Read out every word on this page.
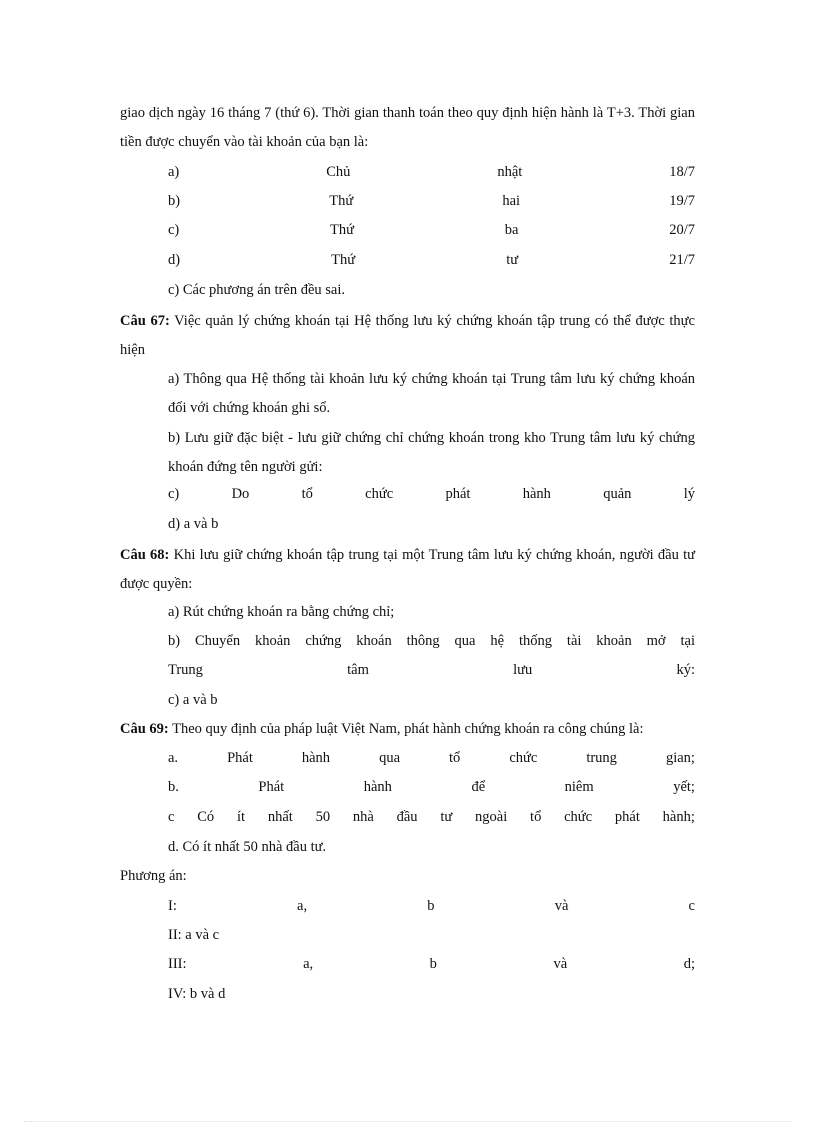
giao dịch ngày 16 tháng 7 (thứ 6). Thời gian thanh toán theo quy định hiện hành là T+3. Thời gian tiền được chuyển vào tài khoản của bạn là:
a)	Chủ	nhật	18/7
b)	Thứ	hai	19/7
c)	Thứ	ba	20/7
d)	Thứ	tư	21/7
c) Các phương án trên đều sai.
Câu 67: Việc quản lý chứng khoán tại Hệ thống lưu ký chứng khoán tập trung có thể được thực hiện
a) Thông qua Hệ thống tài khoản lưu ký chứng khoán tại Trung tâm lưu ký chứng khoán đối với chứng khoán ghi sổ.
b) Lưu giữ đặc biệt - lưu giữ chứng chỉ chứng khoán trong kho Trung tâm lưu ký chứng khoán đứng tên người gửi:
c)	Do	tổ	chức	phát	hành	quản	lý
d) a và b
Câu 68: Khi lưu giữ chứng khoán tập trung tại một Trung tâm lưu ký chứng khoán, người đầu tư được quyền:
a) Rút chứng khoán ra bằng chứng chỉ;
b) Chuyển khoản chứng khoán thông qua hệ thống tài khoản mở tại
Trung	tâm	lưu	ký:
c) a và b
Câu 69: Theo quy định của pháp luật Việt Nam, phát hành chứng khoán ra công chúng là:
a.	Phát	hành	qua	tổ	chức	trung	gian;
b.	Phát	hành	để	niêm	yết;
c Có ít nhất 50 nhà đầu tư ngoài tổ chức phát hành;
d. Có ít nhất 50 nhà đầu tư.
Phương án:
I:	a,	b	và	c
II: a và c
III:	a,	b	và	d;
IV: b và d
